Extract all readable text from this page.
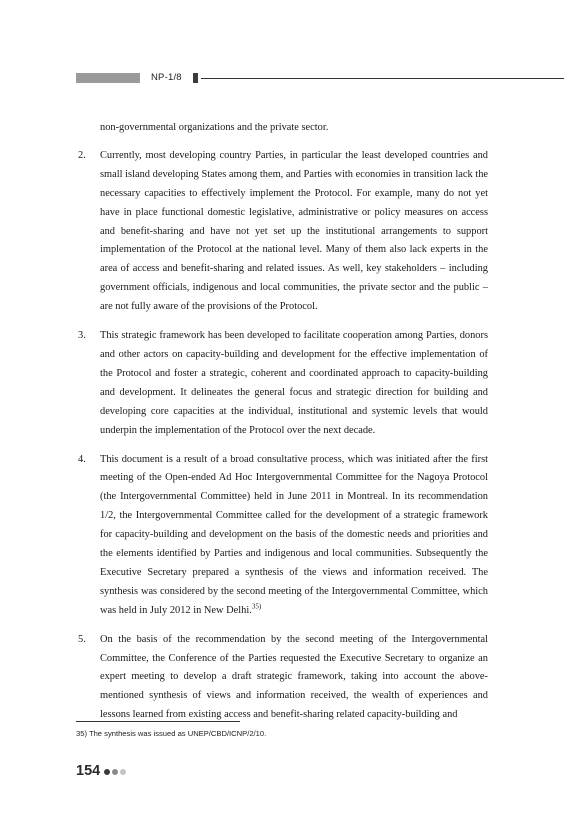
NP-1/8

non-governmental organizations and the private sector.

2.	Currently, most developing country Parties, in particular the least developed countries and small island developing States among them, and Parties with economies in transition lack the necessary capacities to effectively implement the Protocol. For example, many do not yet have in place functional domestic legislative, administrative or policy measures on access and benefit-sharing and have not yet set up the institutional arrangements to support implementation of the Protocol at the national level. Many of them also lack experts in the area of access and benefit-sharing and related issues. As well, key stakeholders – including government officials, indigenous and local communities, the private sector and the public – are not fully aware of the provisions of the Protocol.
3.	This strategic framework has been developed to facilitate cooperation among Parties, donors and other actors on capacity-building and development for the effective implementation of the Protocol and foster a strategic, coherent and coordinated approach to capacity-building and development. It delineates the general focus and strategic direction for building and developing core capacities at the individual, institutional and systemic levels that would underpin the implementation of the Protocol over the next decade.
4.	This document is a result of a broad consultative process, which was initiated after the first meeting of the Open-ended Ad Hoc Intergovernmental Committee for the Nagoya Protocol (the Intergovernmental Committee) held in June 2011 in Montreal. In its recommendation 1/2, the Intergovernmental Committee called for the development of a strategic framework for capacity-building and development on the basis of the domestic needs and priorities and the elements identified by Parties and indigenous and local communities. Subsequently the Executive Secretary prepared a synthesis of the views and information received. The synthesis was considered by the second meeting of the Intergovernmental Committee, which was held in July 2012 in New Delhi.$^{35)}$
5.	On the basis of the recommendation by the second meeting of the Intergovernmental Committee, the Conference of the Parties requested the Executive Secretary to organize an expert meeting to develop a draft strategic framework, taking into account the above-mentioned synthesis of views and information received, the wealth of experiences and lessons learned from existing access and benefit-sharing related capacity-building and
35) The synthesis was issued as UNEP/CBD/ICNP/2/10.
154
